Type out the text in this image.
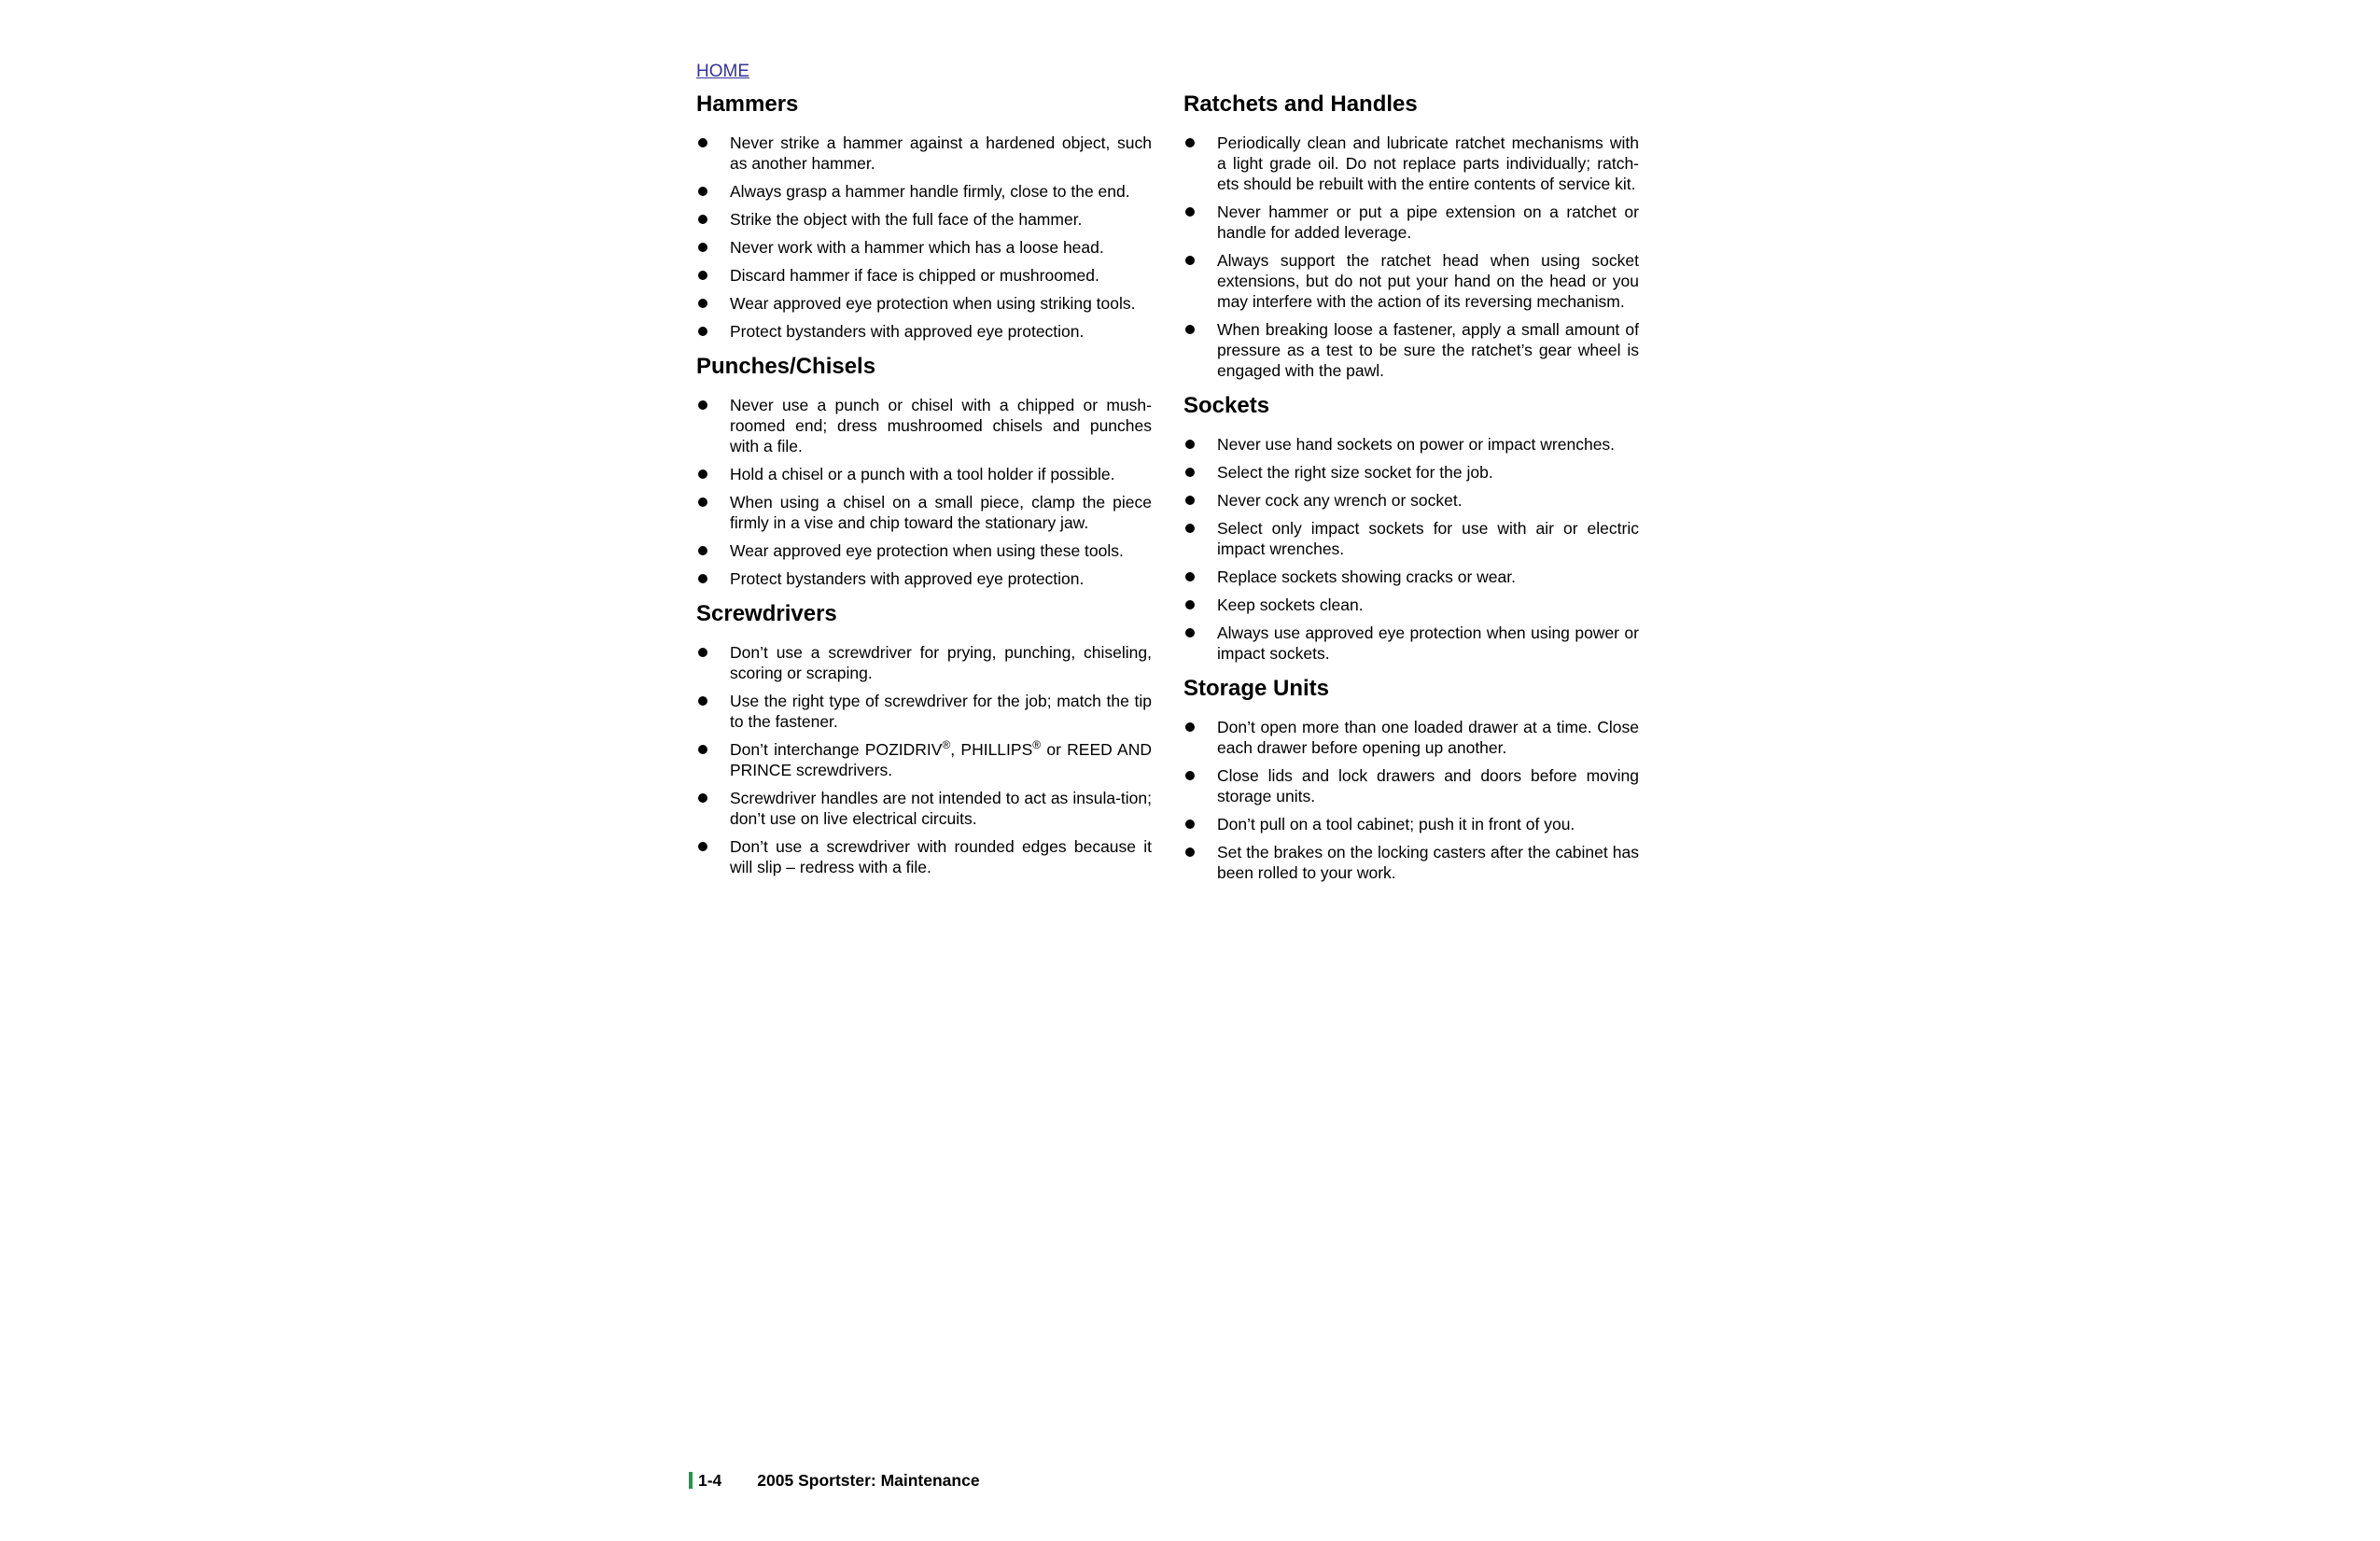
HOME
Hammers
Never strike a hammer against a hardened object, such as another hammer.
Always grasp a hammer handle firmly, close to the end.
Strike the object with the full face of the hammer.
Never work with a hammer which has a loose head.
Discard hammer if face is chipped or mushroomed.
Wear approved eye protection when using striking tools.
Protect bystanders with approved eye protection.
Punches/Chisels
Never use a punch or chisel with a chipped or mush-roomed end; dress mushroomed chisels and punches with a file.
Hold a chisel or a punch with a tool holder if possible.
When using a chisel on a small piece, clamp the piece firmly in a vise and chip toward the stationary jaw.
Wear approved eye protection when using these tools.
Protect bystanders with approved eye protection.
Screwdrivers
Don’t use a screwdriver for prying, punching, chiseling, scoring or scraping.
Use the right type of screwdriver for the job; match the tip to the fastener.
Don’t interchange POZIDRIV®, PHILLIPS® or REED AND PRINCE screwdrivers.
Screwdriver handles are not intended to act as insula-tion; don’t use on live electrical circuits.
Don’t use a screwdriver with rounded edges because it will slip – redress with a file.
Ratchets and Handles
Periodically clean and lubricate ratchet mechanisms with a light grade oil. Do not replace parts individually; ratch-ets should be rebuilt with the entire contents of service kit.
Never hammer or put a pipe extension on a ratchet or handle for added leverage.
Always support the ratchet head when using socket extensions, but do not put your hand on the head or you may interfere with the action of its reversing mechanism.
When breaking loose a fastener, apply a small amount of pressure as a test to be sure the ratchet’s gear wheel is engaged with the pawl.
Sockets
Never use hand sockets on power or impact wrenches.
Select the right size socket for the job.
Never cock any wrench or socket.
Select only impact sockets for use with air or electric impact wrenches.
Replace sockets showing cracks or wear.
Keep sockets clean.
Always use approved eye protection when using power or impact sockets.
Storage Units
Don’t open more than one loaded drawer at a time. Close each drawer before opening up another.
Close lids and lock drawers and doors before moving storage units.
Don’t pull on a tool cabinet; push it in front of you.
Set the brakes on the locking casters after the cabinet has been rolled to your work.
1-4 2005 Sportster: Maintenance
